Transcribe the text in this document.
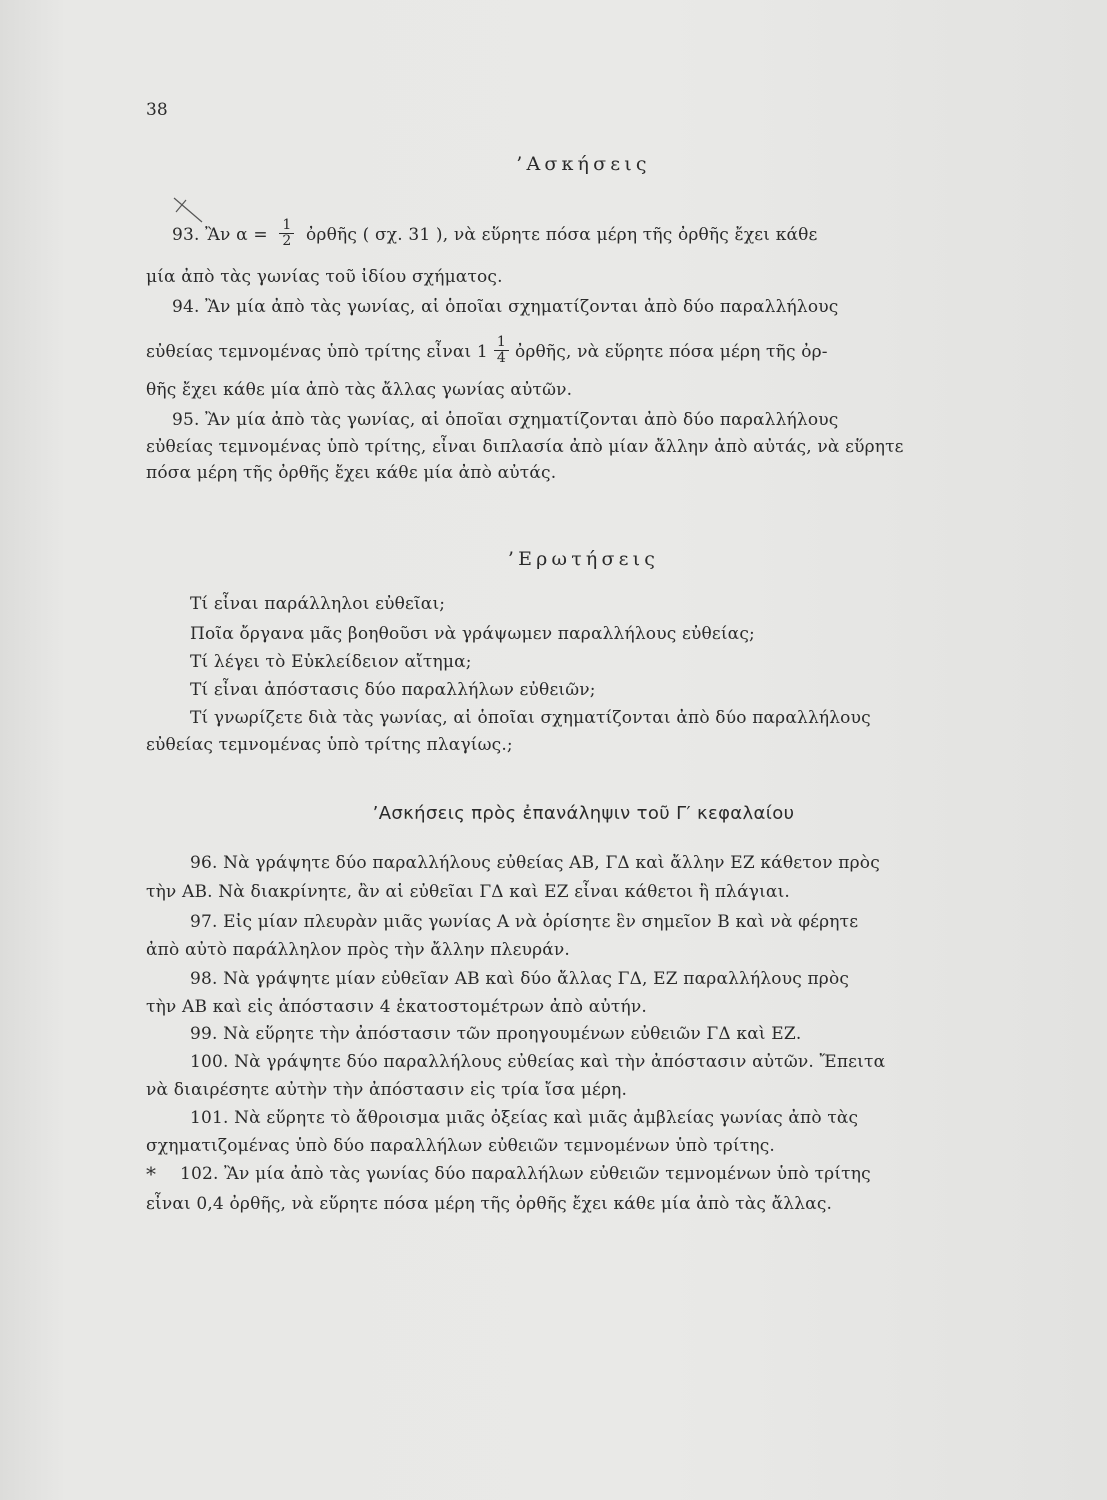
38
’Ασκήσεις
93. Ἂν $\alpha = \frac{1}{2}$ ὀρθῆς ( σχ. 31 ), νὰ εὕρητε πόσα μέρη τῆς ὀρθῆς ἔχει κάθε
μία ἀπὸ τὰς γωνίας τοῦ ἰδίου σχήματος.
94. Ἂν μία ἀπὸ τὰς γωνίας, αἱ ὁποῖαι σχηματίζονται ἀπὸ δύο παραλλήλους
εὐθείας τεμνομένας ὑπὸ τρίτης εἶναι $1 \frac{1}{4}$ ὀρθῆς, νὰ εὕρητε πόσα μέρη τῆς ὀρ-
θῆς ἔχει κάθε μία ἀπὸ τὰς ἄλλας γωνίας αὐτῶν.
95. Ἂν μία ἀπὸ τὰς γωνίας, αἱ ὁποῖαι σχηματίζονται ἀπὸ δύο παραλλήλους
εὐθείας τεμνομένας ὑπὸ τρίτης, εἶναι διπλασία ἀπὸ μίαν ἄλλην ἀπὸ αὐτάς, νὰ εὕρητε
πόσα μέρη τῆς ὀρθῆς ἔχει κάθε μία ἀπὸ αὐτάς.
’Ερωτήσεις
Τί εἶναι παράλληλοι εὐθεῖαι;
Ποῖα ὄργανα μᾶς βοηθοῦσι νὰ γράψωμεν παραλλήλους εὐθείας;
Τί λέγει τὸ Εὐκλείδειον αἴτημα;
Τί εἶναι ἀπόστασις δύο παραλλήλων εὐθειῶν;
Τί γνωρίζετε διὰ τὰς γωνίας, αἱ ὁποῖαι σχηματίζονται ἀπὸ δύο παραλλήλους
εὐθείας τεμνομένας ὑπὸ τρίτης πλαγίως.;
’Ασκήσεις πρὸς ἐπανάληψιν τοῦ Γ′ κεφαλαίου
96. Νὰ γράψητε δύο παραλλήλους εὐθείας ΑΒ, ΓΔ καὶ ἄλλην ΕΖ κάθετον πρὸς
τὴν ΑΒ. Νὰ διακρίνητε, ἂν αἱ εὐθεῖαι ΓΔ καὶ ΕΖ εἶναι κάθετοι ἢ πλάγιαι.
97. Εἰς μίαν πλευρὰν μιᾶς γωνίας Α νὰ ὁρίσητε ἓν σημεῖον Β καὶ νὰ φέρητε
ἀπὸ αὐτὸ παράλληλον πρὸς τὴν ἄλλην πλευράν.
98. Νὰ γράψητε μίαν εὐθεῖαν ΑΒ καὶ δύο ἄλλας ΓΔ, ΕΖ παραλλήλους πρὸς
τὴν ΑΒ καὶ εἰς ἀπόστασιν 4 ἑκατοστομέτρων ἀπὸ αὐτήν.
99. Νὰ εὕρητε τὴν ἀπόστασιν τῶν προηγουμένων εὐθειῶν ΓΔ καὶ ΕΖ.
100. Νὰ γράψητε δύο παραλλήλους εὐθείας καὶ τὴν ἀπόστασιν αὐτῶν. Ἔπειτα
νὰ διαιρέσητε αὐτὴν τὴν ἀπόστασιν εἰς τρία ἴσα μέρη.
101. Νὰ εὕρητε τὸ ἄθροισμα μιᾶς ὀξείας καὶ μιᾶς ἀμβλείας γωνίας ἀπὸ τὰς
σχηματιζομένας ὑπὸ δύο παραλλήλων εὐθειῶν τεμνομένων ὑπὸ τρίτης.
* 102. Ἂν μία ἀπὸ τὰς γωνίας δύο παραλλήλων εὐθειῶν τεμνομένων ὑπὸ τρίτης
εἶναι 0,4 ὀρθῆς, νὰ εὕρητε πόσα μέρη τῆς ὀρθῆς ἔχει κάθε μία ἀπὸ τὰς ἄλλας.
